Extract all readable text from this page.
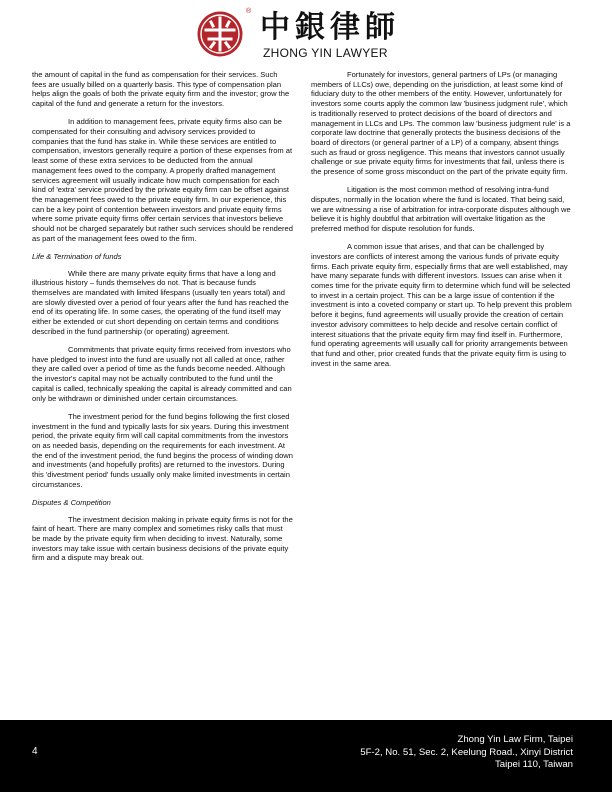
® 中銀律師
ZHONG YIN LAWYER

the amount of capital in the fund as compensation for their services. Such fees are usually billed on a quarterly basis. This type of compensation plan helps align the goals of both the private equity firm and the investor; grow the capital of the fund and generate a return for the investors.

In addition to management fees, private equity firms also can be compensated for their consulting and advisory services provided to companies that the fund has stake in. While these services are entitled to compensation, investors generally require a portion of these expenses from at least some of these extra services to be deducted from the annual management fees owed to the company. A properly drafted management services agreement will usually indicate how much compensation for each kind of 'extra' service provided by the private equity firm can be offset against the management fees owed to the private equity firm. In our experience, this can be a key point of contention between investors and private equity firms where some private equity firms offer certain services that investors believe should not be charged separately but rather such services should be rendered as part of the management fees owed to the firm.

Life & Termination of funds

While there are many private equity firms that have a long and illustrious history – funds themselves do not. That is because funds themselves are mandated with limited lifespans (usually ten years total) and are slowly divested over a period of four years after the fund has reached the end of its operating life. In some cases, the operating of the fund itself may either be extended or cut short depending on certain terms and conditions described in the fund partnership (or operating) agreement.

Commitments that private equity firms received from investors who have pledged to invest into the fund are usually not all called at once, rather they are called over a period of time as the funds become needed. Although the investor's capital may not be actually contributed to the fund until the capital is called, technically speaking the capital is already committed and can only be withdrawn or diminished under certain circumstances.

The investment period for the fund begins following the first closed investment in the fund and typically lasts for six years. During this investment period, the private equity firm will call capital commitments from the investors on as needed basis, depending on the requirements for each investment. At the end of the investment period, the fund begins the process of winding down and investments (and hopefully profits) are returned to the investors. During this 'divestment period' funds usually only make limited investments in certain circumstances.

Disputes & Competition

The investment decision making in private equity firms is not for the faint of heart. There are many complex and sometimes risky calls that must be made by the private equity firm when deciding to invest. Naturally, some investors may take issue with certain business decisions of the private equity firm and a dispute may break out.

Fortunately for investors, general partners of LPs (or managing members of LLCs) owe, depending on the jurisdiction, at least some kind of fiduciary duty to the other members of the entity. However, unfortunately for investors some courts apply the common law 'business judgment rule', which is traditionally reserved to protect decisions of the board of directors and management in LLCs and LPs. The common law 'business judgment rule' is a corporate law doctrine that generally protects the business decisions of the board of directors (or general partner of a LP) of a company, absent things such as fraud or gross negligence. This means that investors cannot usually challenge or sue private equity firms for investments that fail, unless there is the presence of some gross misconduct on the part of the private equity firm.

Litigation is the most common method of resolving intra-fund disputes, normally in the location where the fund is located. That being said, we are witnessing a rise of arbitration for intra-corporate disputes although we believe it is highly doubtful that arbitration will overtake litigation as the preferred method for dispute resolution for funds.

A common issue that arises, and that can be challenged by investors are conflicts of interest among the various funds of private equity firms. Each private equity firm, especially firms that are well established, may have many separate funds with different investors. Issues can arise when it comes time for the private equity firm to determine which fund will be selected to invest in a certain project. This can be a large issue of contention if the investment is into a coveted company or start up. To help prevent this problem before it begins, fund agreements will usually provide the creation of certain investor advisory committees to help decide and resolve certain conflict of interest situations that the private equity firm may find itself in. Furthermore, fund operating agreements will usually call for priority arrangements between that fund and other, prior created funds that the private equity firm is using to invest in the same area.

4
Zhong Yin Law Firm, Taipei
5F-2, No. 51, Sec. 2, Keelung Road., Xinyi District
Taipei 110, Taiwan
